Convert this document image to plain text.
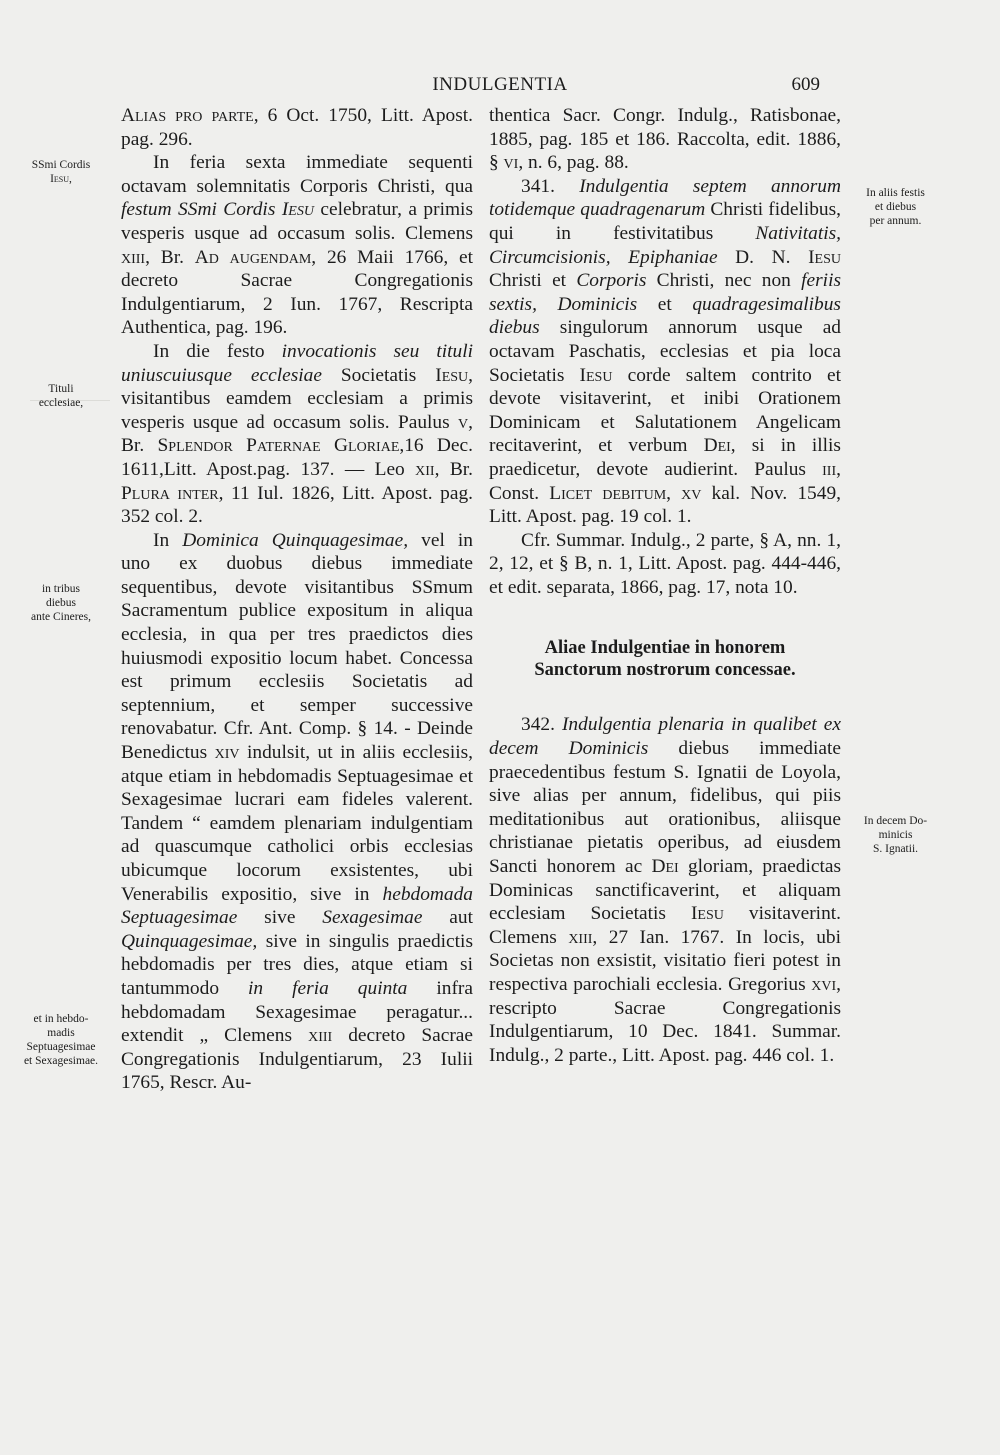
INDULGENTIA	609
SSmi Cordis
Iesu,
Tituli
ecclesiae,
in tribus
diebus
ante Cineres,
et in hebdo-
madis
Septuagesimae
et Sexagesimae.
In aliis festis
et diebus
per annum.
In decem Do-
minicis
S. Ignatii.

Alias pro parte, 6 Oct. 1750, Litt. Apost. pag. 296.

In feria sexta immediate sequenti octavam solemnitatis Corporis Christi, qua festum SSmi Cordis Iesu celebratur, a primis vesperis usque ad occasum solis. Clemens xiii, Br. Ad augendam, 26 Maii 1766, et decreto Sacrae Congregationis Indulgentiarum, 2 Iun. 1767, Rescripta Authentica, pag. 196.

In die festo invocationis seu tituli uniuscuiusque ecclesiae Societatis Iesu, visitantibus eamdem ecclesiam a primis vesperis usque ad occasum solis. Paulus v, Br. Splendor Paternae Gloriae,16 Dec. 1611,Litt. Apost.pag. 137. — Leo xii, Br. Plura inter, 11 Iul. 1826, Litt. Apost. pag. 352 col. 2.

In Dominica Quinquagesimae, vel in uno ex duobus diebus immediate sequentibus, devote visitantibus SSmum Sacramentum publice expositum in aliqua ecclesia, in qua per tres praedictos dies huiusmodi expositio locum habet. Concessa est primum ecclesiis Societatis ad septennium, et semper successive renovabatur. Cfr. Ant. Comp. § 14. - Deinde Benedictus xiv indulsit, ut in aliis ecclesiis, atque etiam in hebdomadis Septuagesimae et Sexagesimae lucrari eam fideles valerent. Tandem “ eamdem plenariam indulgentiam ad quascumque catholici orbis ecclesias ubicumque locorum exsistentes, ubi Venerabilis expositio, sive in hebdomada Septuagesimae sive Sexagesimae aut Quinquagesimae, sive in singulis praedictis hebdomadis per tres dies, atque etiam si tantummodo in feria quinta infra hebdomadam Sexagesimae peragatur... extendit „ Clemens xiii decreto Sacrae Congregationis Indulgentiarum, 23 Iulii 1765, Rescr. Au-

thentica Sacr. Congr. Indulg., Ratisbonae, 1885, pag. 185 et 186. Raccolta, edit. 1886, § vi, n. 6, pag. 88.

341. Indulgentia septem annorum totidemque quadragenarum Christi fidelibus, qui in festivitatibus Nativitatis, Circumcisionis, Epiphaniae D. N. Iesu Christi et Corporis Christi, nec non feriis sextis, Dominicis et quadragesimalibus diebus singulorum annorum usque ad octavam Paschatis, ecclesias et pia loca Societatis Iesu corde saltem contrito et devote visitaverint, et inibi Orationem Dominicam et Salutationem Angelicam recitaverint, et verbum Dei, si in illis praedicetur, devote audierint. Paulus iii, Const. Licet debitum, xv kal. Nov. 1549, Litt. Apost. pag. 19 col. 1.

Cfr. Summar. Indulg., 2 parte, § A, nn. 1, 2, 12, et § B, n. 1, Litt. Apost. pag. 444-446, et edit. separata, 1866, pag. 17, nota 10.

Aliae Indulgentiae in honorem
Sanctorum nostrorum concessae.

342. Indulgentia plenaria in qualibet ex decem Dominicis diebus immediate praecedentibus festum S. Ignatii de Loyola, sive alias per annum, fidelibus, qui piis meditationibus aut orationibus, aliisque christianae pietatis operibus, ad eiusdem Sancti honorem ac Dei gloriam, praedictas Dominicas sanctificaverint, et aliquam ecclesiam Societatis Iesu visitaverint. Clemens xiii, 27 Ian. 1767. In locis, ubi Societas non exsistit, visitatio fieri potest in respectiva parochiali ecclesia. Gregorius xvi, rescripto Sacrae Congregationis Indulgentiarum, 10 Dec. 1841. Summar. Indulg., 2 parte., Litt. Apost. pag. 446 col. 1.
